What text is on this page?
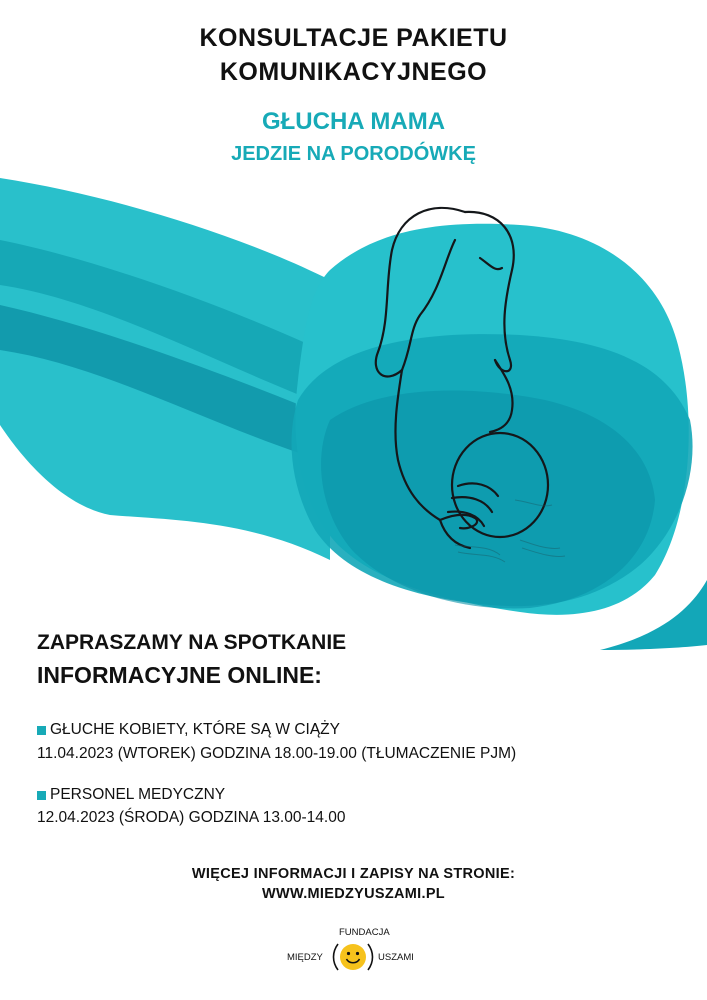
KONSULTACJE PAKIETU
KOMUNIKACYJNEGO
GŁUCHA MAMA
JEDZIE NA PORODÓWKĘ
ZAPRASZAMY NA SPOTKANIE
INFORMACYJNE ONLINE:
GŁUCHE KOBIETY, KTÓRE SĄ W CIĄŻY
11.04.2023 (WTOREK) GODZINA 18.00-19.00 (TŁUMACZENIE PJM)
PERSONEL MEDYCZNY
12.04.2023 (ŚRODA) GODZINA 13.00-14.00
WIĘCEJ INFORMACJI I ZAPISY NA STRONIE:
WWW.MIEDZYUSZAMI.PL
FUNDACJA
MIĘDZY	USZAMI
